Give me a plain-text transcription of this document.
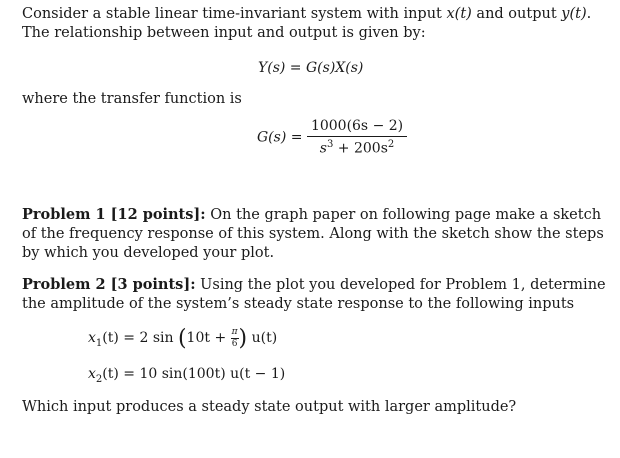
Consider a stable linear time-invariant system with input x(t) and output y(t). The relationship between input and output is given by:
Y(s) = G(s)X(s)
where the transfer function is
$G(s) = \frac{1000(6s - 2)}{s^3 + 200s^2}$
Problem 1 [12 points]: On the graph paper on following page make a sketch of the frequency response of this system. Along with the sketch show the steps by which you developed your plot.
Problem 2 [3 points]: Using the plot you developed for Problem 1, determine the amplitude of the system’s steady state response to the following inputs
$x_1(t) = 2$ $\sin (10t + \frac{\pi}{6}$ ) u(t)
$x_2(t) = 10$ sin(100t) u(t − 1)
Which input produces a steady state output with larger amplitude?
